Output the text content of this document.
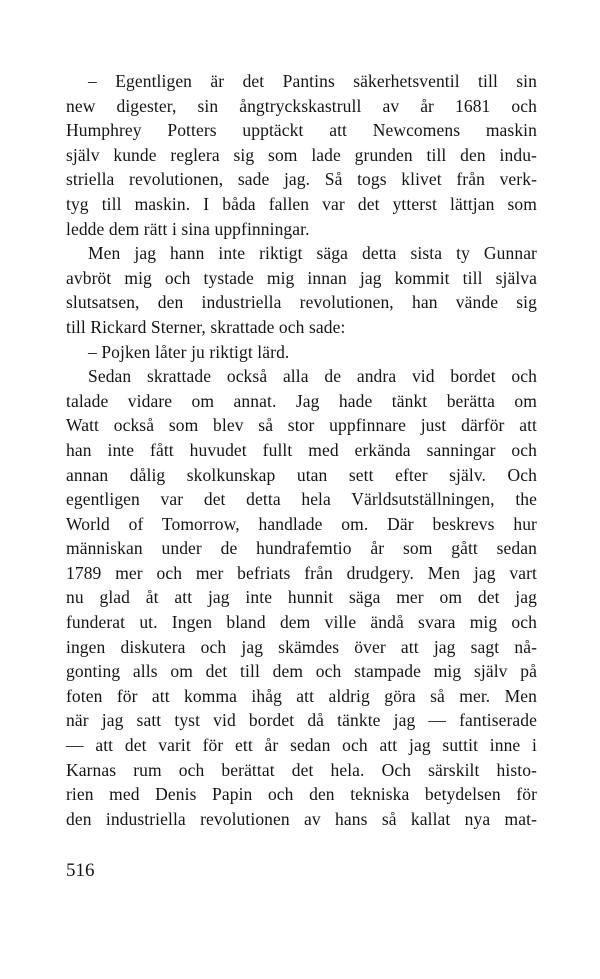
– Egentligen är det Pantins säkerhetsventil till sin
new digester, sin ångtryckskastrull av år 1681 och
Humphrey Potters upptäckt att Newcomens maskin
själv kunde reglera sig som lade grunden till den indu-
striella revolutionen, sade jag. Så togs klivet från verk-
tyg till maskin. I båda fallen var det ytterst lättjan som
ledde dem rätt i sina uppfinningar.
Men jag hann inte riktigt säga detta sista ty Gunnar
avbröt mig och tystade mig innan jag kommit till själva
slutsatsen, den industriella revolutionen, han vände sig
till Rickard Sterner, skrattade och sade:
– Pojken låter ju riktigt lärd.
Sedan skrattade också alla de andra vid bordet och
talade vidare om annat. Jag hade tänkt berätta om
Watt också som blev så stor uppfinnare just därför att
han inte fått huvudet fullt med erkända sanningar och
annan dålig skolkunskap utan sett efter själv. Och
egentligen var det detta hela Världsutställningen, the
World of Tomorrow, handlade om. Där beskrevs hur
människan under de hundrafemtio år som gått sedan
1789 mer och mer befriats från drudgery. Men jag vart
nu glad åt att jag inte hunnit säga mer om det jag
funderat ut. Ingen bland dem ville ändå svara mig och
ingen diskutera och jag skämdes över att jag sagt nå-
gonting alls om det till dem och stampade mig själv på
foten för att komma ihåg att aldrig göra så mer. Men
när jag satt tyst vid bordet då tänkte jag — fantiserade
— att det varit för ett år sedan och att jag suttit inne i
Karnas rum och berättat det hela. Och särskilt histo-
rien med Denis Papin och den tekniska betydelsen för
den industriella revolutionen av hans så kallat nya mat-
516
